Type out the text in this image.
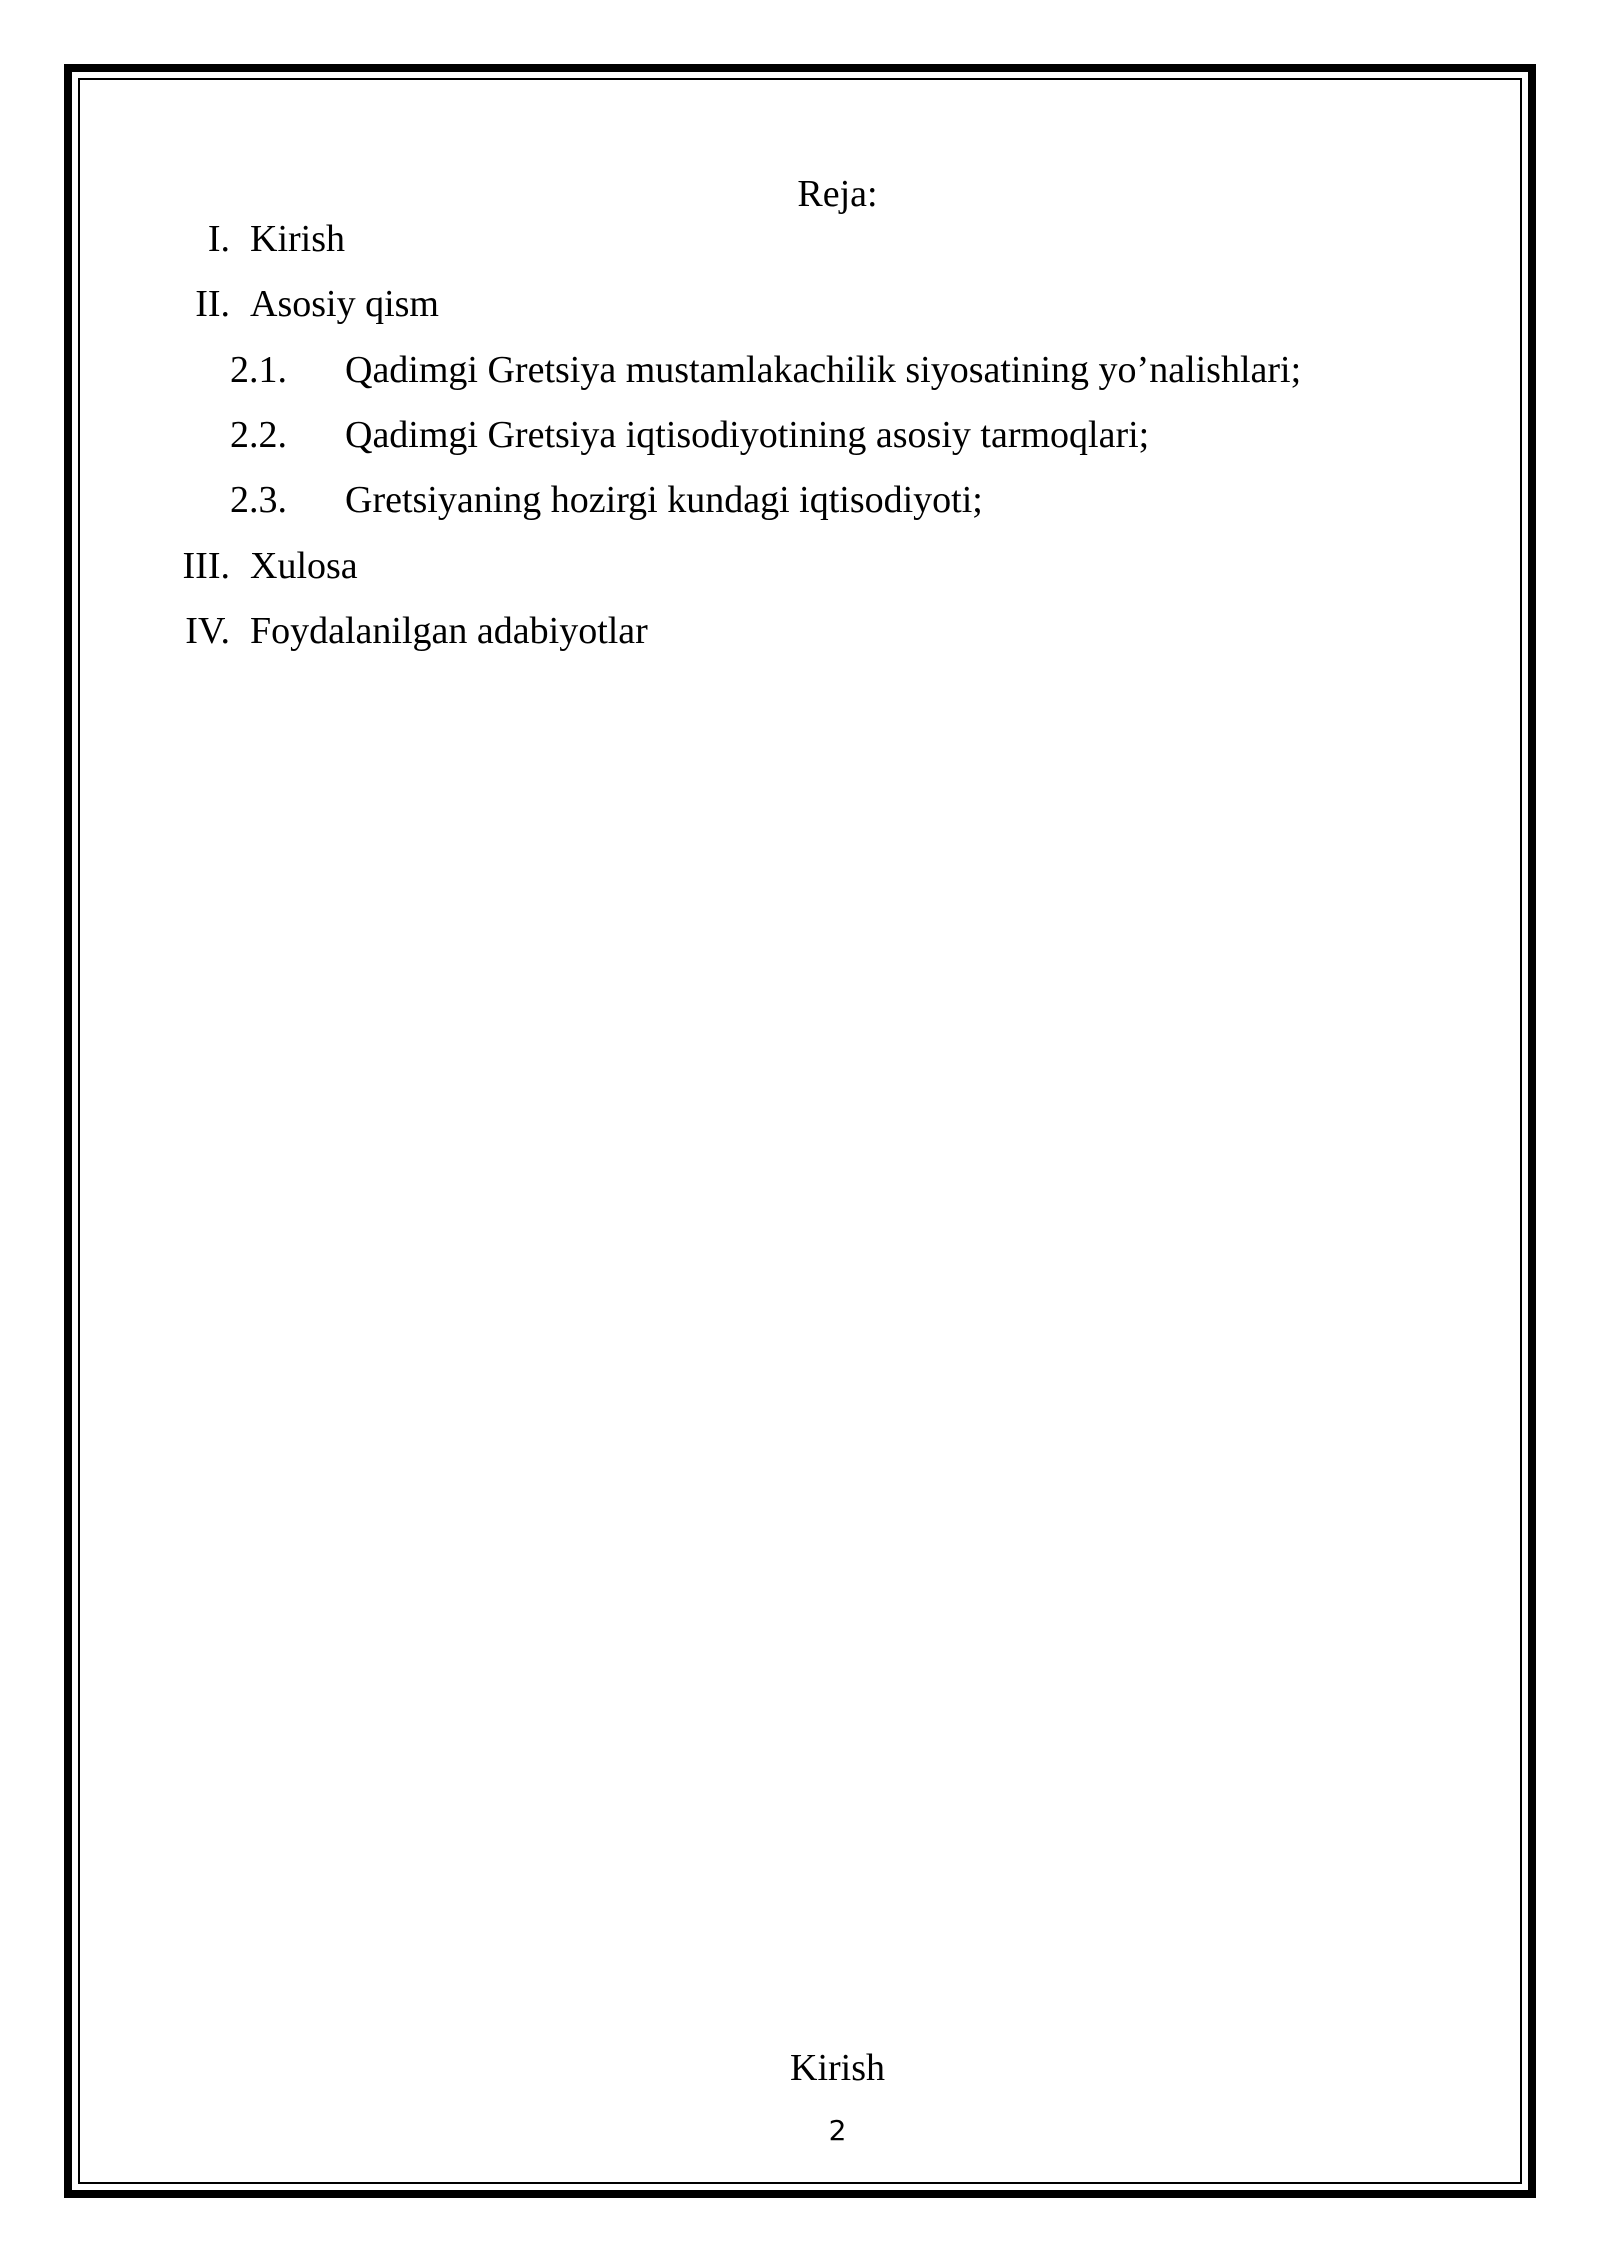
Reja:
I. Kirish
II. Asosiy qism
2.1. Qadimgi Gretsiya mustamlakachilik siyosatining yo’nalishlari;
2.2. Qadimgi Gretsiya iqtisodiyotining asosiy tarmoqlari;
2.3. Gretsiyaning hozirgi kundagi iqtisodiyoti;
III. Xulosa
IV. Foydalanilgan adabiyotlar
Kirish
2
